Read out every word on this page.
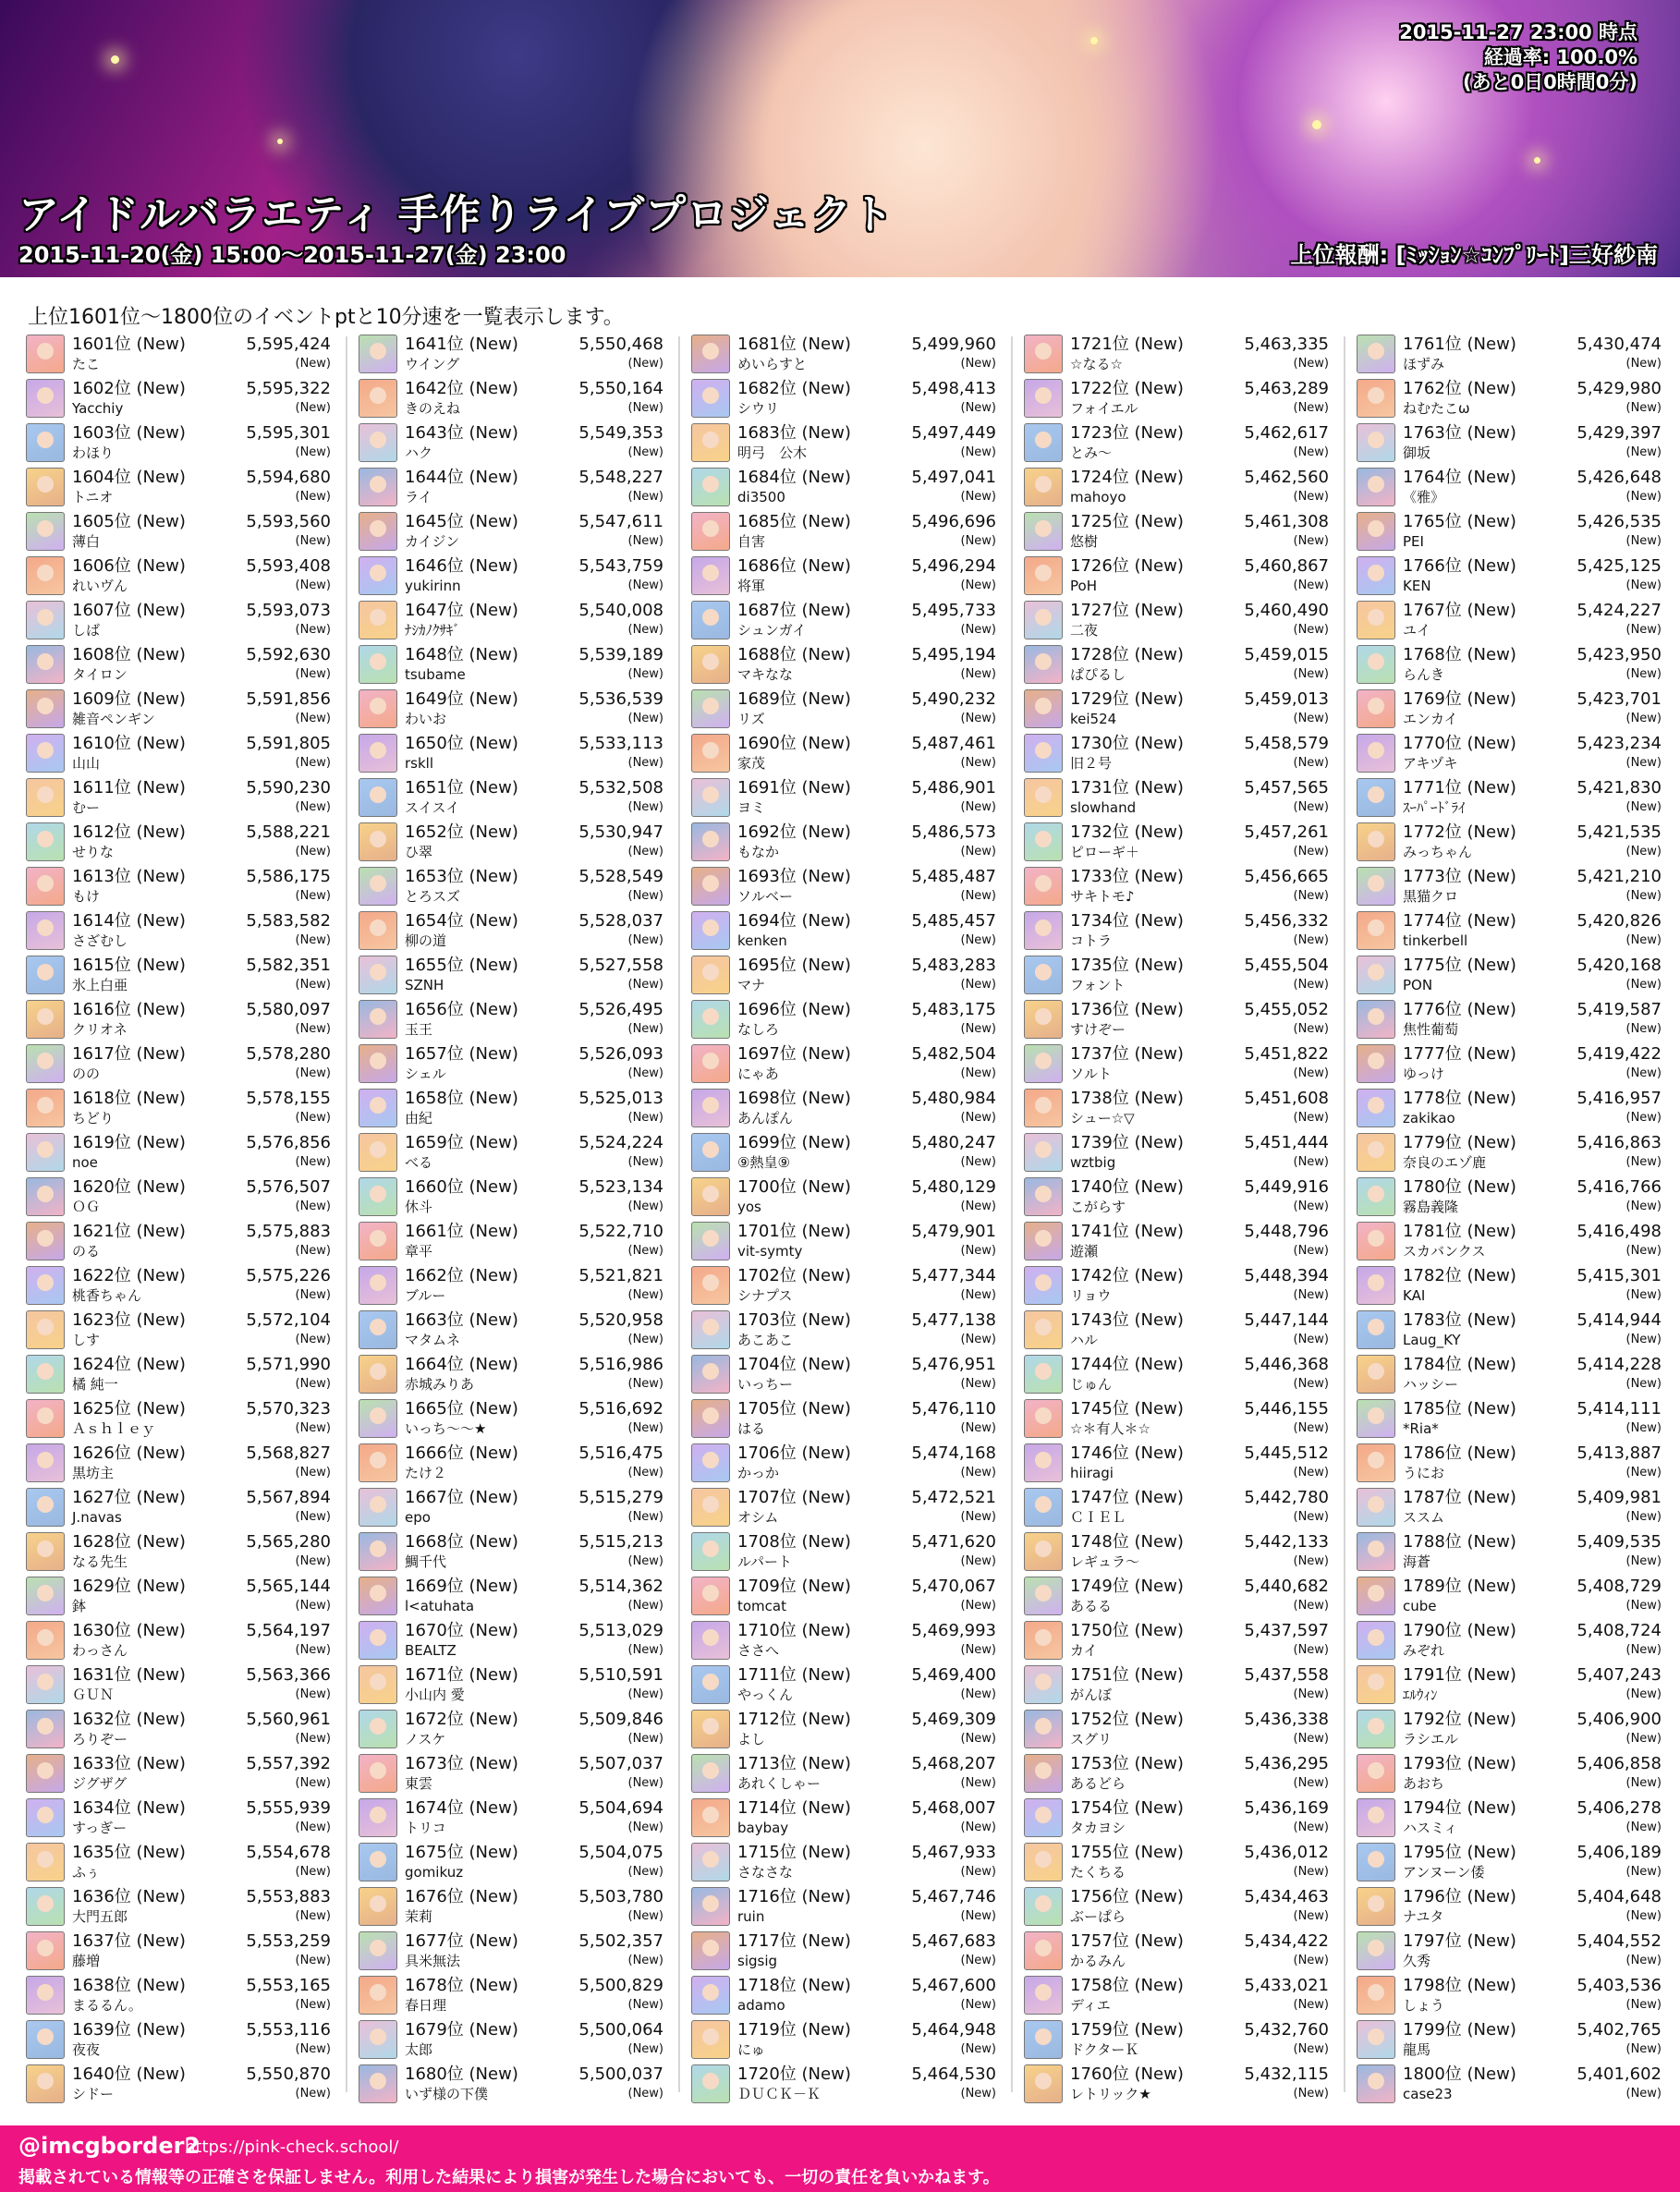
2015-11-27 23:00 時点
経過率: 100.0%
(あと0日0時間0分)
アイドルバラエティ 手作りライブプロジェクト
2015-11-20(金) 15:00～2015-11-27(金) 23:00	上位報酬: [ﾐｯｼｮﾝ☆ｺﾝﾌﾟﾘｰﾄ]三好紗南
上位1601位～1800位のイベントptと10分速を一覧表示します。
1601位 (New)	5,595,424
たこ	(New)
1602位 (New)	5,595,322
Yacchiy	(New)
1603位 (New)	5,595,301
わほり	(New)
1604位 (New)	5,594,680
トニオ	(New)
1605位 (New)	5,593,560
薄白	(New)
1606位 (New)	5,593,408
れいヴん	(New)
1607位 (New)	5,593,073
しば	(New)
1608位 (New)	5,592,630
タイロン	(New)
1609位 (New)	5,591,856
雑音ペンギン	(New)
1610位 (New)	5,591,805
山山	(New)
1611位 (New)	5,590,230
むー	(New)
1612位 (New)	5,588,221
せりな	(New)
1613位 (New)	5,586,175
もけ	(New)
1614位 (New)	5,583,582
さざむし	(New)
1615位 (New)	5,582,351
氷上白亜	(New)
1616位 (New)	5,580,097
クリオネ	(New)
1617位 (New)	5,578,280
のの	(New)
1618位 (New)	5,578,155
ちどり	(New)
1619位 (New)	5,576,856
noe	(New)
1620位 (New)	5,576,507
ＯＧ	(New)
1621位 (New)	5,575,883
のる	(New)
1622位 (New)	5,575,226
桃香ちゃん	(New)
1623位 (New)	5,572,104
しす	(New)
1624位 (New)	5,571,990
橘 純一	(New)
1625位 (New)	5,570,323
Ａｓｈｌｅｙ	(New)
1626位 (New)	5,568,827
黒坊主	(New)
1627位 (New)	5,567,894
J.navas	(New)
1628位 (New)	5,565,280
なる先生	(New)
1629位 (New)	5,565,144
鉢	(New)
1630位 (New)	5,564,197
わっさん	(New)
1631位 (New)	5,563,366
ＧＵＮ	(New)
1632位 (New)	5,560,961
ろりぞー	(New)
1633位 (New)	5,557,392
ジグザグ	(New)
1634位 (New)	5,555,939
すっぎー	(New)
1635位 (New)	5,554,678
ふぅ	(New)
1636位 (New)	5,553,883
大門五郎	(New)
1637位 (New)	5,553,259
藤増	(New)
1638位 (New)	5,553,165
まるるん。	(New)
1639位 (New)	5,553,116
夜夜	(New)
1640位 (New)	5,550,870
シドー	(New)
1641位 (New)	5,550,468
ウイング	(New)
1642位 (New)	5,550,164
きのえね	(New)
1643位 (New)	5,549,353
ハク	(New)
1644位 (New)	5,548,227
ライ	(New)
1645位 (New)	5,547,611
カイジン	(New)
1646位 (New)	5,543,759
yukirinn	(New)
1647位 (New)	5,540,008
ﾅｼｶﾉｸｻｷﾞ	(New)
1648位 (New)	5,539,189
tsubame	(New)
1649位 (New)	5,536,539
わいお	(New)
1650位 (New)	5,533,113
rskll	(New)
1651位 (New)	5,532,508
スイスイ	(New)
1652位 (New)	5,530,947
ひ翠	(New)
1653位 (New)	5,528,549
とろスズ	(New)
1654位 (New)	5,528,037
柳の道	(New)
1655位 (New)	5,527,558
SZNH	(New)
1656位 (New)	5,526,495
玉王	(New)
1657位 (New)	5,526,093
シェル	(New)
1658位 (New)	5,525,013
由紀	(New)
1659位 (New)	5,524,224
べる	(New)
1660位 (New)	5,523,134
休斗	(New)
1661位 (New)	5,522,710
章平	(New)
1662位 (New)	5,521,821
ブルー	(New)
1663位 (New)	5,520,958
マタムネ	(New)
1664位 (New)	5,516,986
赤城みりあ	(New)
1665位 (New)	5,516,692
いっち～～★	(New)
1666位 (New)	5,516,475
たけ２	(New)
1667位 (New)	5,515,279
epo	(New)
1668位 (New)	5,515,213
鯛千代	(New)
1669位 (New)	5,514,362
l<atuhata	(New)
1670位 (New)	5,513,029
BEALTZ	(New)
1671位 (New)	5,510,591
小山内 愛	(New)
1672位 (New)	5,509,846
ノスケ	(New)
1673位 (New)	5,507,037
東雲	(New)
1674位 (New)	5,504,694
トリコ	(New)
1675位 (New)	5,504,075
gomikuz	(New)
1676位 (New)	5,503,780
茉莉	(New)
1677位 (New)	5,502,357
具米無法	(New)
1678位 (New)	5,500,829
春日理	(New)
1679位 (New)	5,500,064
太郎	(New)
1680位 (New)	5,500,037
いず様の下僕	(New)
1681位 (New)	5,499,960
めいらすと	(New)
1682位 (New)	5,498,413
シウリ	(New)
1683位 (New)	5,497,449
明弓　公木	(New)
1684位 (New)	5,497,041
di3500	(New)
1685位 (New)	5,496,696
自害	(New)
1686位 (New)	5,496,294
将軍	(New)
1687位 (New)	5,495,733
シュンガイ	(New)
1688位 (New)	5,495,194
マキなな	(New)
1689位 (New)	5,490,232
リズ	(New)
1690位 (New)	5,487,461
家茂	(New)
1691位 (New)	5,486,901
ヨミ	(New)
1692位 (New)	5,486,573
もなか	(New)
1693位 (New)	5,485,487
ソルベー	(New)
1694位 (New)	5,485,457
kenken	(New)
1695位 (New)	5,483,283
マナ	(New)
1696位 (New)	5,483,175
なしろ	(New)
1697位 (New)	5,482,504
にゃあ	(New)
1698位 (New)	5,480,984
あんぽん	(New)
1699位 (New)	5,480,247
⑨熱皇⑨	(New)
1700位 (New)	5,480,129
yos	(New)
1701位 (New)	5,479,901
vit-symty	(New)
1702位 (New)	5,477,344
シナプス	(New)
1703位 (New)	5,477,138
あこあこ	(New)
1704位 (New)	5,476,951
いっちー	(New)
1705位 (New)	5,476,110
はる	(New)
1706位 (New)	5,474,168
かっか	(New)
1707位 (New)	5,472,521
オシム	(New)
1708位 (New)	5,471,620
ルパート	(New)
1709位 (New)	5,470,067
tomcat	(New)
1710位 (New)	5,469,993
ささへ	(New)
1711位 (New)	5,469,400
やっくん	(New)
1712位 (New)	5,469,309
よし	(New)
1713位 (New)	5,468,207
あれくしゃー	(New)
1714位 (New)	5,468,007
baybay	(New)
1715位 (New)	5,467,933
さなさな	(New)
1716位 (New)	5,467,746
ruin	(New)
1717位 (New)	5,467,683
sigsig	(New)
1718位 (New)	5,467,600
adamo	(New)
1719位 (New)	5,464,948
にゅ	(New)
1720位 (New)	5,464,530
ＤＵＣＫ－Ｋ	(New)
1721位 (New)	5,463,335
☆なる☆	(New)
1722位 (New)	5,463,289
フォイエル	(New)
1723位 (New)	5,462,617
とみ～	(New)
1724位 (New)	5,462,560
mahoyo	(New)
1725位 (New)	5,461,308
悠樹	(New)
1726位 (New)	5,460,867
PoH	(New)
1727位 (New)	5,460,490
二夜	(New)
1728位 (New)	5,459,015
ぱぴるし	(New)
1729位 (New)	5,459,013
kei524	(New)
1730位 (New)	5,458,579
旧２号	(New)
1731位 (New)	5,457,565
slowhand	(New)
1732位 (New)	5,457,261
ピローギ＋	(New)
1733位 (New)	5,456,665
サキトモ♪	(New)
1734位 (New)	5,456,332
コトラ	(New)
1735位 (New)	5,455,504
フォント	(New)
1736位 (New)	5,455,052
すけぞー	(New)
1737位 (New)	5,451,822
ソルト	(New)
1738位 (New)	5,451,608
シュー☆▽	(New)
1739位 (New)	5,451,444
wztbig	(New)
1740位 (New)	5,449,916
こがらす	(New)
1741位 (New)	5,448,796
遊瀬	(New)
1742位 (New)	5,448,394
リョウ	(New)
1743位 (New)	5,447,144
ハル	(New)
1744位 (New)	5,446,368
じゅん	(New)
1745位 (New)	5,446,155
☆＊有人＊☆	(New)
1746位 (New)	5,445,512
hiiragi	(New)
1747位 (New)	5,442,780
ＣＩＥＬ	(New)
1748位 (New)	5,442,133
レギュラ～	(New)
1749位 (New)	5,440,682
あるる	(New)
1750位 (New)	5,437,597
カイ	(New)
1751位 (New)	5,437,558
がんぼ	(New)
1752位 (New)	5,436,338
スグリ	(New)
1753位 (New)	5,436,295
あるどら	(New)
1754位 (New)	5,436,169
タカヨシ	(New)
1755位 (New)	5,436,012
たくちる	(New)
1756位 (New)	5,434,463
ぶーぱら	(New)
1757位 (New)	5,434,422
かるみん	(New)
1758位 (New)	5,433,021
ディエ	(New)
1759位 (New)	5,432,760
ドクターＫ	(New)
1760位 (New)	5,432,115
レトリック★	(New)
1761位 (New)	5,430,474
ほずみ	(New)
1762位 (New)	5,429,980
ねむたこω	(New)
1763位 (New)	5,429,397
御坂	(New)
1764位 (New)	5,426,648
《雅》	(New)
1765位 (New)	5,426,535
PEI	(New)
1766位 (New)	5,425,125
KEN	(New)
1767位 (New)	5,424,227
ユイ	(New)
1768位 (New)	5,423,950
らんき	(New)
1769位 (New)	5,423,701
エンカイ	(New)
1770位 (New)	5,423,234
アキヅキ	(New)
1771位 (New)	5,421,830
ｽｰﾊﾟｰﾄﾞﾗｲ	(New)
1772位 (New)	5,421,535
みっちゃん	(New)
1773位 (New)	5,421,210
黒猫クロ	(New)
1774位 (New)	5,420,826
tinkerbell	(New)
1775位 (New)	5,420,168
PON	(New)
1776位 (New)	5,419,587
焦性葡萄	(New)
1777位 (New)	5,419,422
ゆっけ	(New)
1778位 (New)	5,416,957
zakikao	(New)
1779位 (New)	5,416,863
奈良のエゾ鹿	(New)
1780位 (New)	5,416,766
霧島義隆	(New)
1781位 (New)	5,416,498
スカバンクス	(New)
1782位 (New)	5,415,301
KAI	(New)
1783位 (New)	5,414,944
Laug_KY	(New)
1784位 (New)	5,414,228
ハッシー	(New)
1785位 (New)	5,414,111
*Ria*	(New)
1786位 (New)	5,413,887
うにお	(New)
1787位 (New)	5,409,981
ススム	(New)
1788位 (New)	5,409,535
海蒼	(New)
1789位 (New)	5,408,729
cube	(New)
1790位 (New)	5,408,724
みぞれ	(New)
1791位 (New)	5,407,243
ｴﾙｳｨﾝ	(New)
1792位 (New)	5,406,900
ラシエル	(New)
1793位 (New)	5,406,858
あおち	(New)
1794位 (New)	5,406,278
ハスミィ	(New)
1795位 (New)	5,406,189
アンヌーン倭	(New)
1796位 (New)	5,404,648
ナユタ	(New)
1797位 (New)	5,404,552
久秀	(New)
1798位 (New)	5,403,536
しょう	(New)
1799位 (New)	5,402,765
龍馬	(New)
1800位 (New)	5,401,602
case23	(New)
@imcgborder2
https://pink-check.school/
掲載されている情報等の正確さを保証しません。利用した結果により損害が発生した場合においても、一切の責任を負いかねます。
